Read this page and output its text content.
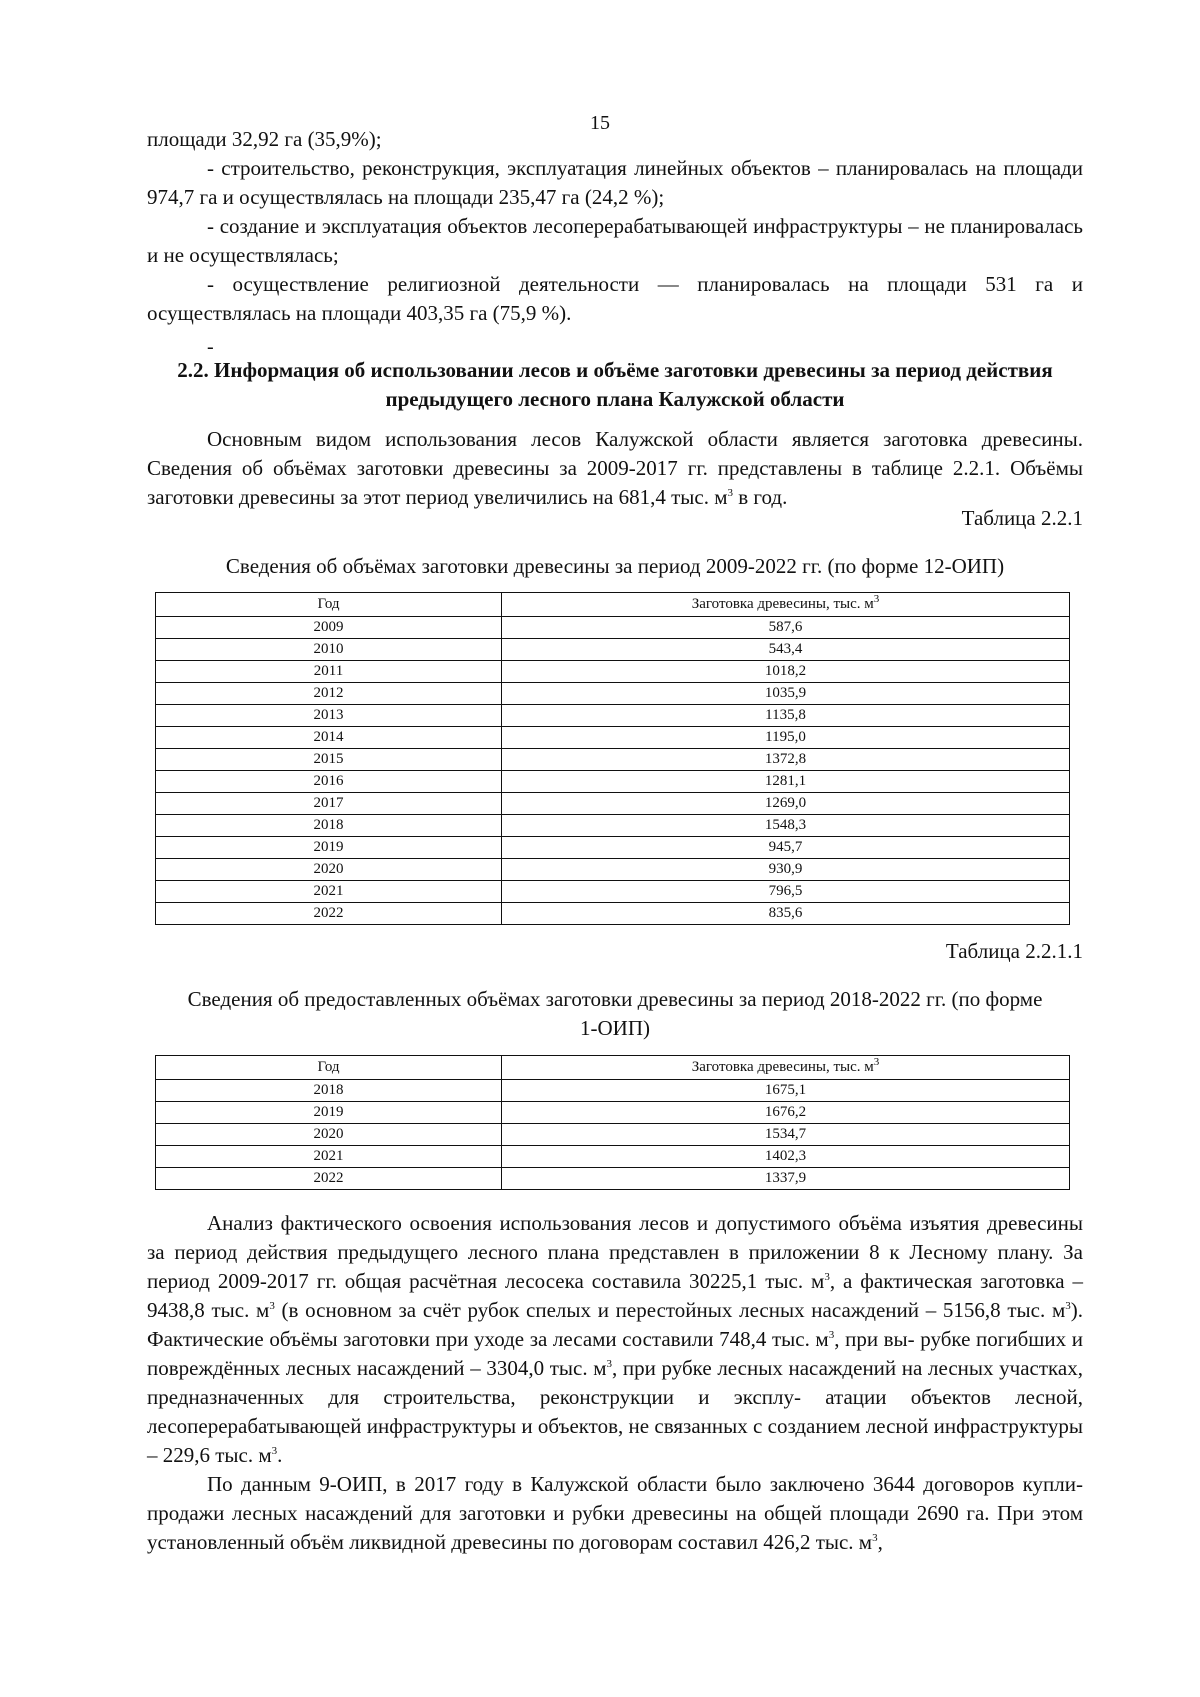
15

площади 32,92 га (35,9%);

- строительство, реконструкция, эксплуатация линейных объектов – планировалась на площади 974,7 га и осуществлялась на площади 235,47 га (24,2 %);

- создание и эксплуатация объектов лесоперерабатывающей инфраструктуры – не планировалась и не осуществлялась;

- осуществление религиозной деятельности — планировалась на площади 531 га и осуществлялась на площади 403,35 га (75,9 %).

-

2.2. Информация об использовании лесов и объёме заготовки древесины за период действия предыдущего лесного плана Калужской области

Основным видом использования лесов Калужской области является заготовка древесины. Сведения об объёмах заготовки древесины за 2009-2017 гг. представлены в таблице 2.2.1. Объёмы заготовки древесины за этот период увеличились на 681,4 тыс. $м^3$ в год.

Таблица 2.2.1

Сведения об объёмах заготовки древесины за период 2009-2022 гг. (по форме 12-ОИП)

Год	Заготовка древесины, тыс. $м^3$
2009	587,6
2010	543,4
2011	1018,2
2012	1035,9
2013	1135,8
2014	1195,0
2015	1372,8
2016	1281,1
2017	1269,0
2018	1548,3
2019	945,7
2020	930,9
2021	796,5
2022	835,6
Таблица 2.2.1.1

Сведения об предоставленных объёмах заготовки древесины за период 2018-2022 гг. (по форме

1-ОИП)

Год	Заготовка древесины, тыс. $м^3$
2018	1675,1
2019	1676,2
2020	1534,7
2021	1402,3
2022	1337,9

Анализ фактического освоения использования лесов и допустимого объёма изъятия древесины за период действия предыдущего лесного плана представлен в приложении 8 к Лесному плану. За период 2009-2017 гг. общая расчётная лесосека составила 30225,1 тыс. $м^3$, а фактическая заготовка – 9438,8 тыс. $м^3$ (в основном за счёт рубок спелых и перестойных лесных насаждений – 5156,8 тыс. $м^3$). Фактические объёмы заготовки при уходе за лесами составили 748,4 тыс. $м^3$, при вы- рубке погибших и повреждённых лесных насаждений – 3304,0 тыс. $м^3$, при рубке лесных насаждений на лесных участках, предназначенных для строительства, реконструкции и эксплу- атации объектов лесной, лесоперерабатывающей инфраструктуры и объектов, не связанных с созданием лесной инфраструктуры – 229,6 тыс. $м^3$.

По данным 9-ОИП, в 2017 году в Калужской области было заключено 3644 договоров купли-продажи лесных насаждений для заготовки и рубки древесины на общей площади 2690 га. При этом установленный объём ликвидной древесины по договорам составил 426,2 тыс. $м^3$,
